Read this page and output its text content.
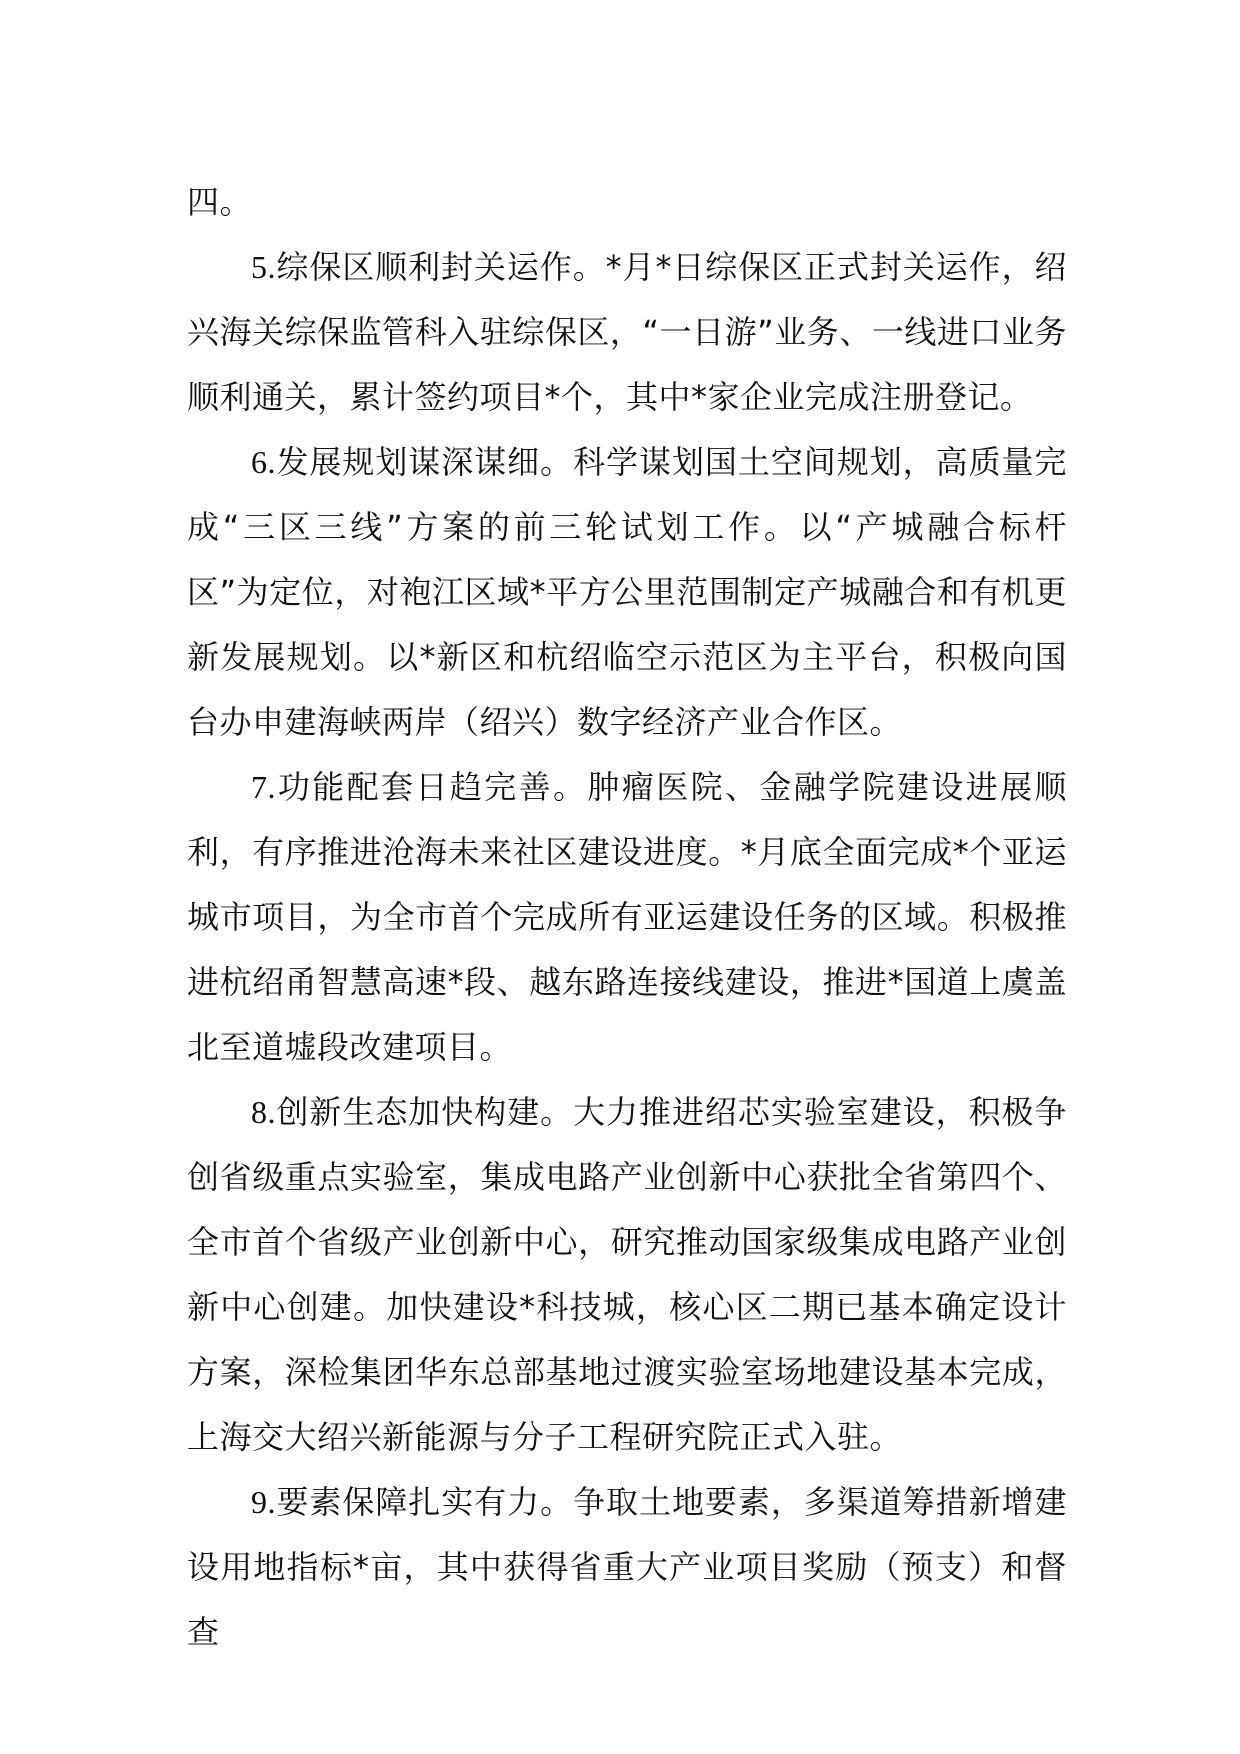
四。

5.综保区顺利封关运作。*月*日综保区正式封关运作，绍兴海关综保监管科入驻综保区，“一日游”业务、一线进口业务顺利通关，累计签约项目*个，其中*家企业完成注册登记。

6.发展规划谋深谋细。科学谋划国土空间规划，高质量完成“三区三线”方案的前三轮试划工作。以“产城融合标杆区”为定位，对袍江区域*平方公里范围制定产城融合和有机更新发展规划。以*新区和杭绍临空示范区为主平台，积极向国台办申建海峡两岸（绍兴）数字经济产业合作区。

7.功能配套日趋完善。肿瘤医院、金融学院建设进展顺利，有序推进沧海未来社区建设进度。*月底全面完成*个亚运城市项目，为全市首个完成所有亚运建设任务的区域。积极推进杭绍甬智慧高速*段、越东路连接线建设，推进*国道上虞盖北至道墟段改建项目。

8.创新生态加快构建。大力推进绍芯实验室建设，积极争创省级重点实验室，集成电路产业创新中心获批全省第四个、全市首个省级产业创新中心，研究推动国家级集成电路产业创新中心创建。加快建设*科技城，核心区二期已基本确定设计方案，深检集团华东总部基地过渡实验室场地建设基本完成，上海交大绍兴新能源与分子工程研究院正式入驻。

9.要素保障扎实有力。争取土地要素，多渠道筹措新增建设用地指标*亩，其中获得省重大产业项目奖励（预支）和督查
